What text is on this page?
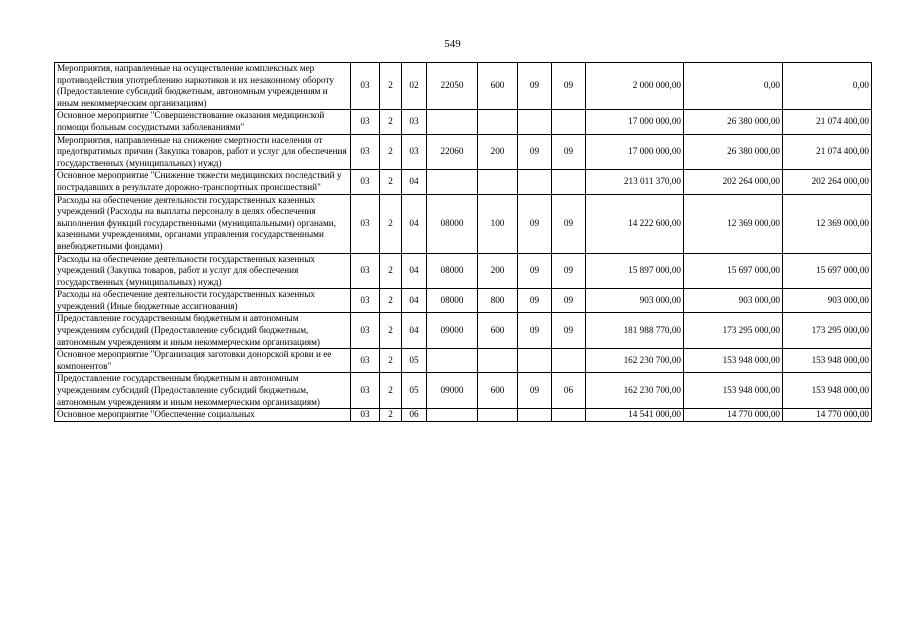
549
Мероприятия, направленные на осуществление комплексных мер противодействия употреблению наркотиков и их незаконному обороту (Предоставление субсидий бюджетным, автономным учреждениям и иным некоммерческим организациям)	03	2	02	22050	600	09	09	2 000 000,00	0,00	0,00
Основное мероприятие "Совершенствование оказания медицинской помощи больным сосудистыми заболеваниями"	03	2	03					17 000 000,00	26 380 000,00	21 074 400,00
Мероприятия, направленные на снижение смертности населения от предотвратимых причин (Закупка товаров, работ и услуг для обеспечения государственных (муниципальных) нужд)	03	2	03	22060	200	09	09	17 000 000,00	26 380 000,00	21 074 400,00
Основное мероприятие "Снижение тяжести медицинских последствий у пострадавших в результате дорожно-транспортных происшествий"	03	2	04					213 011 370,00	202 264 000,00	202 264 000,00
Расходы на обеспечение деятельности государственных казенных учреждений (Расходы на выплаты персоналу в целях обеспечения выполнения функций государственными (муниципальными) органами, казенными учреждениями, органами управления государственными внебюджетными фондами)	03	2	04	08000	100	09	09	14 222 600,00	12 369 000,00	12 369 000,00
Расходы на обеспечение деятельности государственных казенных учреждений (Закупка товаров, работ и услуг для обеспечения государственных (муниципальных) нужд)	03	2	04	08000	200	09	09	15 897 000,00	15 697 000,00	15 697 000,00
Расходы на обеспечение деятельности государственных казенных учреждений (Иные бюджетные ассигнования)	03	2	04	08000	800	09	09	903 000,00	903 000,00	903 000,00
Предоставление государственным бюджетным и автономным учреждениям субсидий (Предоставление субсидий бюджетным, автономным учреждениям и иным некоммерческим организациям)	03	2	04	09000	600	09	09	181 988 770,00	173 295 000,00	173 295 000,00
Основное мероприятие "Организация заготовки донорской крови и ее компонентов"	03	2	05					162 230 700,00	153 948 000,00	153 948 000,00
Предоставление государственным бюджетным и автономным учреждениям субсидий (Предоставление субсидий бюджетным, автономным учреждениям и иным некоммерческим организациям)	03	2	05	09000	600	09	06	162 230 700,00	153 948 000,00	153 948 000,00
Основное мероприятие "Обеспечение социальных	03	2	06					14 541 000,00	14 770 000,00	14 770 000,00
